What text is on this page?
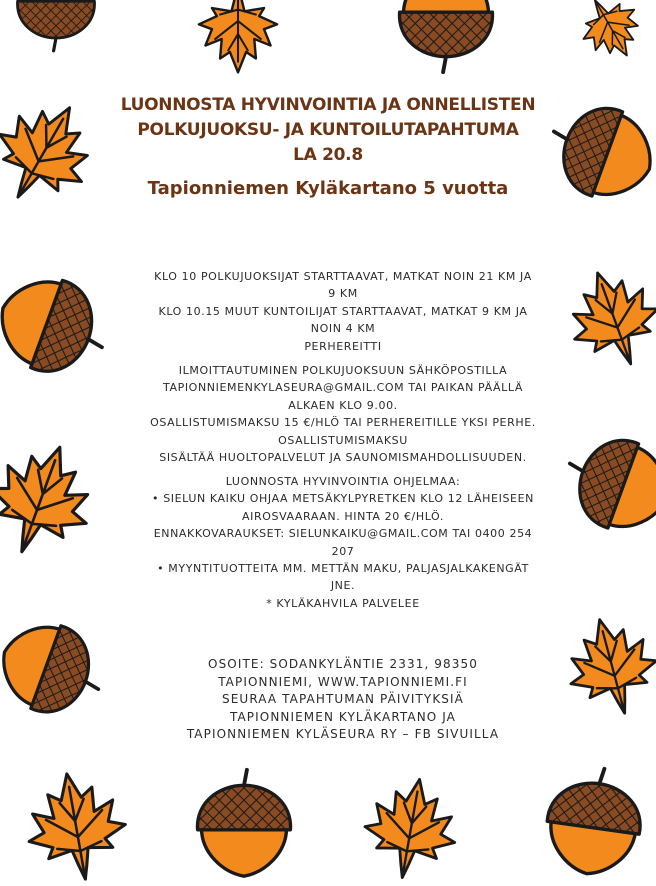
LUONNOSTA HYVINVOINTIA JA ONNELLISTEN
POLKUJUOKSU- JA KUNTOILUTAPAHTUMA
LA 20.8
Tapionniemen Kyläkartano 5 vuotta
KLO 10 POLKUJUOKSIJAT STARTTAAVAT, MATKAT NOIN 21 KM JA
9 KM
KLO 10.15 MUUT KUNTOILIJAT STARTTAAVAT, MATKAT 9 KM JA
NOIN 4 KM
PERHEREITTI
ILMOITTAUTUMINEN POLKUJUOKSUUN SÄHKÖPOSTILLA
TAPIONNIEMENKYLASEURA@GMAIL.COM TAI PAIKAN PÄÄLLÄ
ALKAEN KLO 9.00.
OSALLISTUMISMAKSU 15 €/HLÖ TAI PERHEREITILLE YKSI PERHE.
OSALLISTUMISMAKSU
SISÄLTÄÄ HUOLTOPALVELUT JA SAUNOMISMAHDOLLISUUDEN.
LUONNOSTA HYVINVOINTIA OHJELMAA:
• SIELUN KAIKU OHJAA METSÄKYLPYRETKEN KLO 12 LÄHEISEEN
AIROSVAARAAN. HINTA 20 €/HLÖ.
ENNAKKOVARAUKSET: SIELUNKAIKU@GMAIL.COM TAI 0400 254
207
• MYYNTITUOTTEITA MM. METTÄN MAKU, PALJASJALKAKENGÄT
JNE.
* KYLÄKAHVILA PALVELEE
OSOITE: SODANKYLÄNTIE 2331, 98350
TAPIONNIEMI, WWW.TAPIONNIEMI.FI
SEURAA TAPAHTUMAN PÄIVITYKSIÄ
TAPIONNIEMEN KYLÄKARTANO JA
TAPIONNIEMEN KYLÄSEURA RY – FB SIVUILLA
